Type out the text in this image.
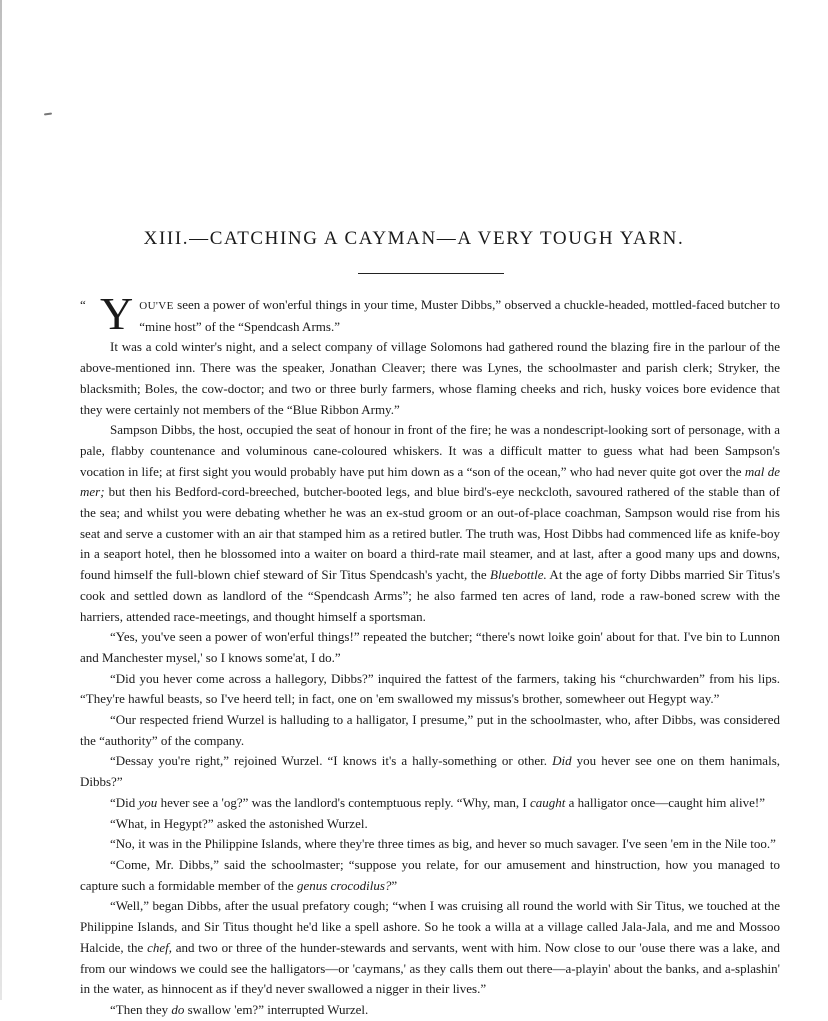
XIII.—CATCHING A CAYMAN—A VERY TOUGH YARN.

“ Y OU'VE seen a power of won'erful things in your time, Muster Dibbs,” observed a chuckle-headed, mottled-faced butcher to “mine host” of the “Spendcash Arms.”

It was a cold winter's night, and a select company of village Solomons had gathered round the blazing fire in the parlour of the above-mentioned inn. There was the speaker, Jonathan Cleaver; there was Lynes, the schoolmaster and parish clerk; Stryker, the blacksmith; Boles, the cow-doctor; and two or three burly farmers, whose flaming cheeks and rich, husky voices bore evidence that they were certainly not members of the “Blue Ribbon Army.”

Sampson Dibbs, the host, occupied the seat of honour in front of the fire; he was a nondescript-looking sort of personage, with a pale, flabby countenance and voluminous cane-coloured whiskers. It was a difficult matter to guess what had been Sampson's vocation in life; at first sight you would probably have put him down as a “son of the ocean,” who had never quite got over the mal de mer; but then his Bedford-cord-breeched, butcher-booted legs, and blue bird's-eye neckcloth, savoured rathered of the stable than of the sea; and whilst you were debating whether he was an ex-stud groom or an out-of-place coachman, Sampson would rise from his seat and serve a customer with an air that stamped him as a retired butler. The truth was, Host Dibbs had commenced life as knife-boy in a seaport hotel, then he blossomed into a waiter on board a third-rate mail steamer, and at last, after a good many ups and downs, found himself the full-blown chief steward of Sir Titus Spendcash's yacht, the Bluebottle. At the age of forty Dibbs married Sir Titus's cook and settled down as landlord of the “Spendcash Arms”; he also farmed ten acres of land, rode a raw-boned screw with the harriers, attended race-meetings, and thought himself a sportsman.

“Yes, you've seen a power of won'erful things!” repeated the butcher; “there's nowt loike goin' about for that. I've bin to Lunnon and Manchester mysel,' so I knows some'at, I do.”

“Did you hever come across a hallegory, Dibbs?” inquired the fattest of the farmers, taking his “churchwarden” from his lips. “They're hawful beasts, so I've heerd tell; in fact, one on 'em swallowed my missus's brother, somewheer out Hegypt way.”

“Our respected friend Wurzel is halluding to a halligator, I presume,” put in the schoolmaster, who, after Dibbs, was considered the “authority” of the company.

“Dessay you're right,” rejoined Wurzel. “I knows it's a hally-something or other. Did you hever see one on them hanimals, Dibbs?”

“Did you hever see a 'og?” was the landlord's contemptuous reply. “Why, man, I caught a halligator once—caught him alive!”

“What, in Hegypt?” asked the astonished Wurzel.

“No, it was in the Philippine Islands, where they're three times as big, and hever so much savager. I've seen 'em in the Nile too.”

“Come, Mr. Dibbs,” said the schoolmaster; “suppose you relate, for our amusement and hinstruction, how you managed to capture such a formidable member of the genus crocodilus?”

“Well,” began Dibbs, after the usual prefatory cough; “when I was cruising all round the world with Sir Titus, we touched at the Philippine Islands, and Sir Titus thought he'd like a spell ashore. So he took a willa at a village called Jala-Jala, and me and Mossoo Halcide, the chef, and two or three of the hunder-stewards and servants, went with him. Now close to our 'ouse there was a lake, and from our windows we could see the halligators—or 'caymans,' as they calls them out there—a-playin' about the banks, and a-splashin' in the water, as hinnocent as if they'd never swallowed a nigger in their lives.”

“Then they do swallow 'em?” interrupted Wurzel.
